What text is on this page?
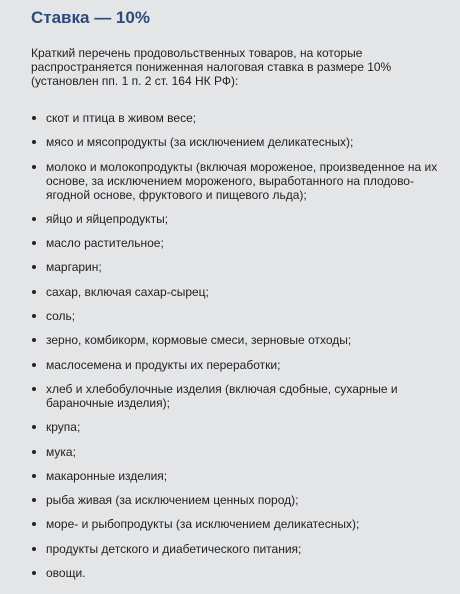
Ставка — 10%

Краткий перечень продовольственных товаров, на которые распространяется пониженная налоговая ставка в размере 10% (установлен пп. 1 п. 2 ст. 164 НК РФ):

скот и птица в живом весе;
мясо и мясопродукты (за исключением деликатесных);
молоко и молокопродукты (включая мороженое, произведенное на их основе, за исключением мороженого, выработанного на плодово-ягодной основе, фруктового и пищевого льда);
яйцо и яйцепродукты;
масло растительное;
маргарин;
сахар, включая сахар-сырец;
соль;
зерно, комбикорм, кормовые смеси, зерновые отходы;
маслосемена и продукты их переработки;
хлеб и хлебобулочные изделия (включая сдобные, сухарные и бараночные изделия);
крупа;
мука;
макаронные изделия;
рыба живая (за исключением ценных пород);
море- и рыбопродукты (за исключением деликатесных);
продукты детского и диабетического питания;
овощи.
